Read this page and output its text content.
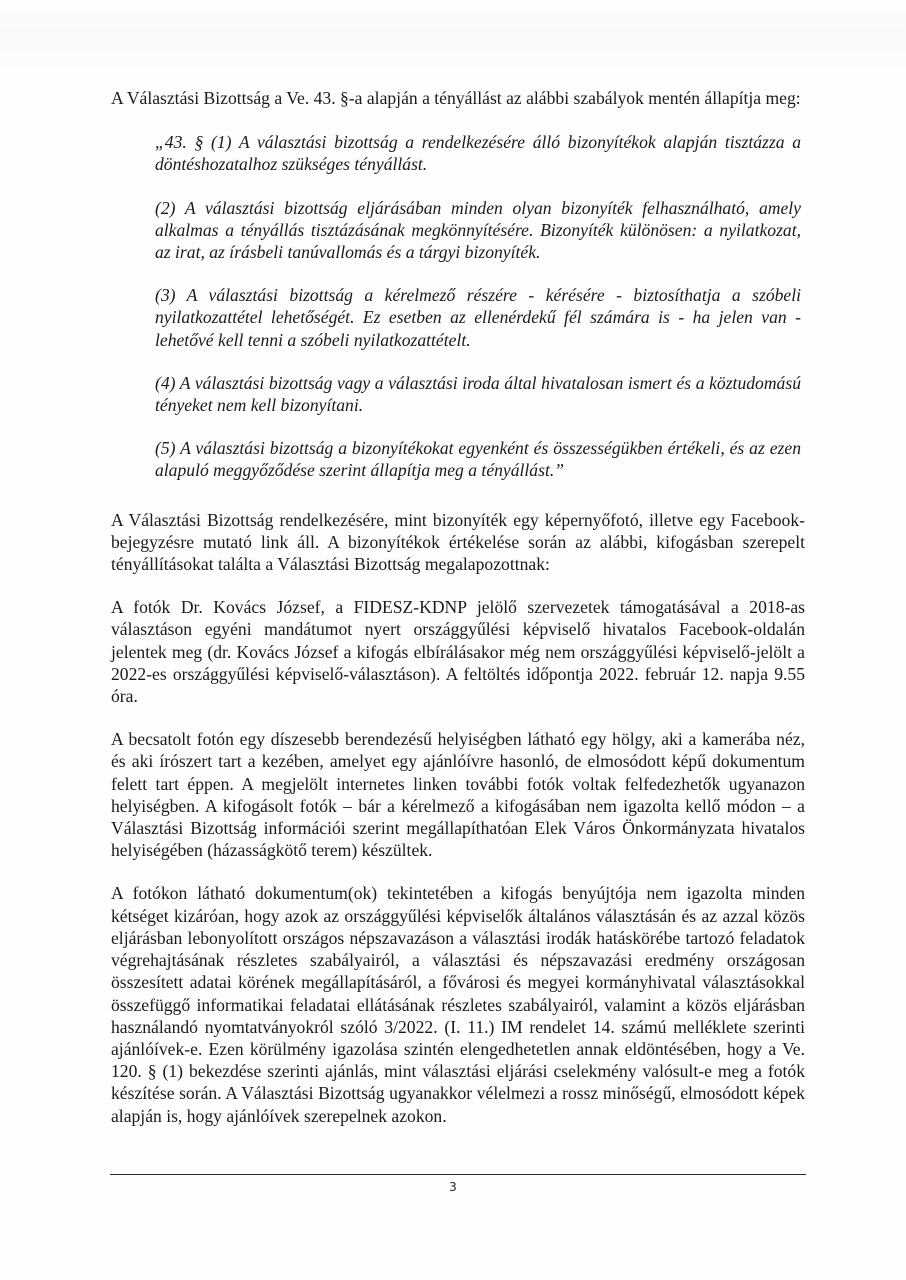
A Választási Bizottság a Ve. 43. §-a alapján a tényállást az alábbi szabályok mentén állapítja meg:

„43. § (1) A választási bizottság a rendelkezésére álló bizonyítékok alapján tisztázza a döntéshozatalhoz szükséges tényállást.

(2) A választási bizottság eljárásában minden olyan bizonyíték felhasználható, amely alkalmas a tényállás tisztázásának megkönnyítésére. Bizonyíték különösen: a nyilatkozat, az irat, az írásbeli tanúvallomás és a tárgyi bizonyíték.

(3) A választási bizottság a kérelmező részére - kérésére - biztosíthatja a szóbeli nyilatkozattétel lehetőségét. Ez esetben az ellenérdekű fél számára is - ha jelen van - lehetővé kell tenni a szóbeli nyilatkozattételt.

(4) A választási bizottság vagy a választási iroda által hivatalosan ismert és a köztudomású tényeket nem kell bizonyítani.

(5) A választási bizottság a bizonyítékokat egyenként és összességükben értékeli, és az ezen alapuló meggyőződése szerint állapítja meg a tényállást.”

A Választási Bizottság rendelkezésére, mint bizonyíték egy képernyőfotó, illetve egy Facebook-bejegyzésre mutató link áll. A bizonyítékok értékelése során az alábbi, kifogásban szerepelt tényállításokat találta a Választási Bizottság megalapozottnak:

A fotók Dr. Kovács József, a FIDESZ-KDNP jelölő szervezetek támogatásával a 2018-as választáson egyéni mandátumot nyert országgyűlési képviselő hivatalos Facebook-oldalán jelentek meg (dr. Kovács József a kifogás elbírálásakor még nem országgyűlési képviselő-jelölt a 2022-es országgyűlési képviselő-választáson). A feltöltés időpontja 2022. február 12. napja 9.55 óra.

A becsatolt fotón egy díszesebb berendezésű helyiségben látható egy hölgy, aki a kamerába néz, és aki írószert tart a kezében, amelyet egy ajánlóívre hasonló, de elmosódott képű dokumentum felett tart éppen. A megjelölt internetes linken további fotók voltak felfedezhetők ugyanazon helyiségben. A kifogásolt fotók – bár a kérelmező a kifogásában nem igazolta kellő módon – a Választási Bizottság információi szerint megállapíthatóan Elek Város Önkormányzata hivatalos helyiségében (házasságkötő terem) készültek.

A fotókon látható dokumentum(ok) tekintetében a kifogás benyújtója nem igazolta minden kétséget kizáróan, hogy azok az országgyűlési képviselők általános választásán és az azzal közös eljárásban lebonyolított országos népszavazáson a választási irodák hatáskörébe tartozó feladatok végrehajtásának részletes szabályairól, a választási és népszavazási eredmény országosan összesített adatai körének megállapításáról, a fővárosi és megyei kormányhivatal választásokkal összefüggő informatikai feladatai ellátásának részletes szabályairól, valamint a közös eljárásban használandó nyomtatványokról szóló 3/2022. (I. 11.) IM rendelet 14. számú melléklete szerinti ajánlóívek-e. Ezen körülmény igazolása szintén elengedhetetlen annak eldöntésében, hogy a Ve. 120. § (1) bekezdése szerinti ajánlás, mint választási eljárási cselekmény valósult-e meg a fotók készítése során. A Választási Bizottság ugyanakkor vélelmezi a rossz minőségű, elmosódott képek alapján is, hogy ajánlóívek szerepelnek azokon.

3
